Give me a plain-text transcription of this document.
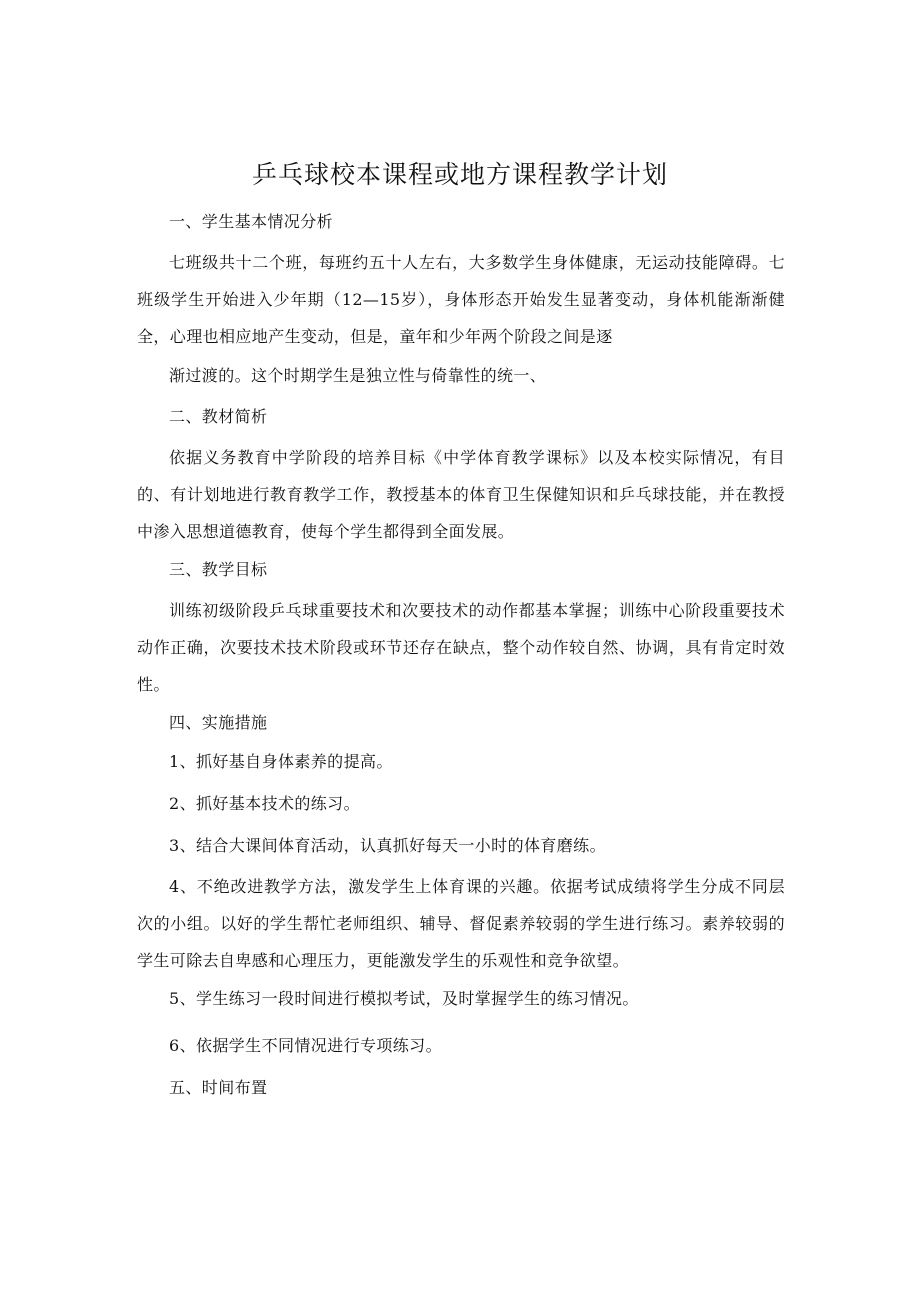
乒乓球校本课程或地方课程教学计划

一、学生基本情况分析

七班级共十二个班，每班约五十人左右，大多数学生身体健康，无运动技能障碍。七班级学生开始进入少年期（12—15岁），身体形态开始发生显著变动，身体机能渐渐健全，心理也相应地产生变动，但是，童年和少年两个阶段之间是逐

渐过渡的。这个时期学生是独立性与倚靠性的统一、

二、教材简析

依据义务教育中学阶段的培养目标《中学体育教学课标》以及本校实际情况，有目的、有计划地进行教育教学工作，教授基本的体育卫生保健知识和乒乓球技能，并在教授中渗入思想道德教育，使每个学生都得到全面发展。

三、教学目标

训练初级阶段乒乓球重要技术和次要技术的动作都基本掌握；训练中心阶段重要技术动作正确，次要技术技术阶段或环节还存在缺点，整个动作较自然、协调，具有肯定时效性。

四、实施措施

1、抓好基自身体素养的提高。

2、抓好基本技术的练习。

3、结合大课间体育活动，认真抓好每天一小时的体育磨练。

4、不绝改进教学方法，激发学生上体育课的兴趣。依据考试成绩将学生分成不同层次的小组。以好的学生帮忙老师组织、辅导、督促素养较弱的学生进行练习。素养较弱的学生可除去自卑感和心理压力，更能激发学生的乐观性和竞争欲望。

5、学生练习一段时间进行模拟考试，及时掌握学生的练习情况。

6、依据学生不同情况进行专项练习。

五、时间布置
